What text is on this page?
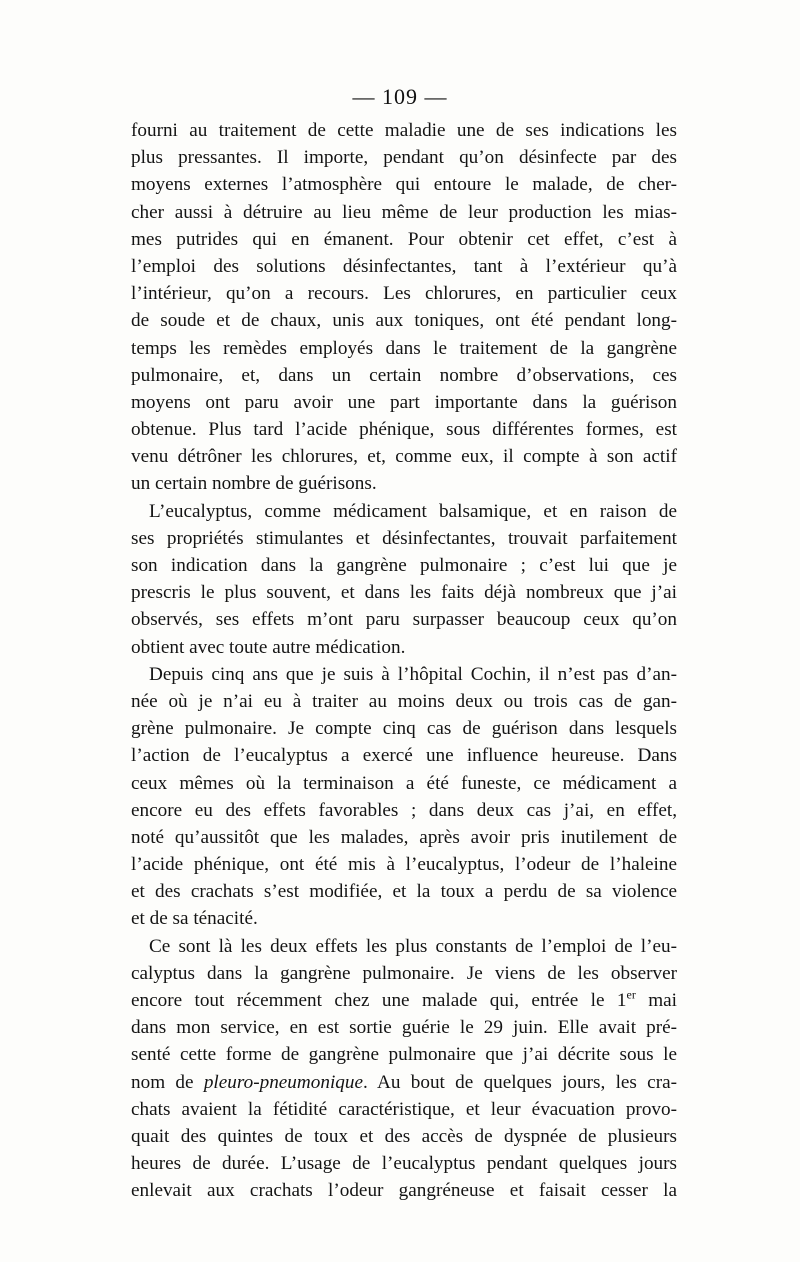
— 109 —
fourni au traitement de cette maladie une de ses indications les
plus pressantes. Il importe, pendant qu’on désinfecte par des
moyens externes l’atmosphère qui entoure le malade, de cher-
cher aussi à détruire au lieu même de leur production les mias-
mes putrides qui en émanent. Pour obtenir cet effet, c’est à
l’emploi des solutions désinfectantes, tant à l’extérieur qu’à
l’intérieur, qu’on a recours. Les chlorures, en particulier ceux
de soude et de chaux, unis aux toniques, ont été pendant long-
temps les remèdes employés dans le traitement de la gangrène
pulmonaire, et, dans un certain nombre d’observations, ces
moyens ont paru avoir une part importante dans la guérison
obtenue. Plus tard l’acide phénique, sous différentes formes, est
venu détrôner les chlorures, et, comme eux, il compte à son actif
un certain nombre de guérisons.
L’eucalyptus, comme médicament balsamique, et en raison de
ses propriétés stimulantes et désinfectantes, trouvait parfaitement
son indication dans la gangrène pulmonaire ; c’est lui que je
prescris le plus souvent, et dans les faits déjà nombreux que j’ai
observés, ses effets m’ont paru surpasser beaucoup ceux qu’on
obtient avec toute autre médication.
Depuis cinq ans que je suis à l’hôpital Cochin, il n’est pas d’an-
née où je n’ai eu à traiter au moins deux ou trois cas de gan-
grène pulmonaire. Je compte cinq cas de guérison dans lesquels
l’action de l’eucalyptus a exercé une influence heureuse. Dans
ceux mêmes où la terminaison a été funeste, ce médicament a
encore eu des effets favorables ; dans deux cas j’ai, en effet,
noté qu’aussitôt que les malades, après avoir pris inutilement de
l’acide phénique, ont été mis à l’eucalyptus, l’odeur de l’haleine
et des crachats s’est modifiée, et la toux a perdu de sa violence
et de sa ténacité.
Ce sont là les deux effets les plus constants de l’emploi de l’eu-
calyptus dans la gangrène pulmonaire. Je viens de les observer
encore tout récemment chez une malade qui, entrée le 1er mai
dans mon service, en est sortie guérie le 29 juin. Elle avait pré-
senté cette forme de gangrène pulmonaire que j’ai décrite sous le
nom de pleuro-pneumonique. Au bout de quelques jours, les cra-
chats avaient la fétidité caractéristique, et leur évacuation provo-
quait des quintes de toux et des accès de dyspnée de plusieurs
heures de durée. L’usage de l’eucalyptus pendant quelques jours
enlevait aux crachats l’odeur gangréneuse et faisait cesser la
